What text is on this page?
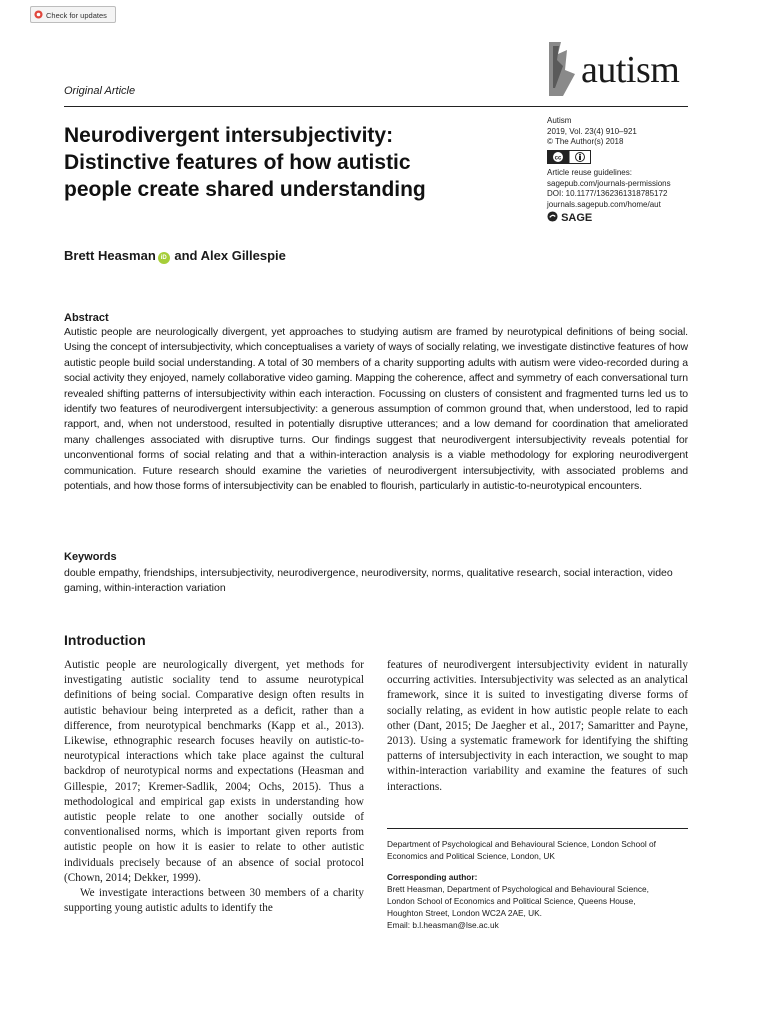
Check for updates
autism
Original Article
Neurodivergent intersubjectivity:
Distinctive features of how autistic
people create shared understanding
Autism
2019, Vol. 23(4) 910–921
© The Author(s) 2018
cc
Article reuse guidelines:
sagepub.com/journals-permissions
DOI: 10.1177/1362361318785172
journals.sagepub.com/home/aut
SAGE
Brett Heasman iD and Alex Gillespie
Abstract
Autistic people are neurologically divergent, yet approaches to studying autism are framed by neurotypical definitions of being social. Using the concept of intersubjectivity, which conceptualises a variety of ways of socially relating, we investigate distinctive features of how autistic people build social understanding. A total of 30 members of a charity supporting adults with autism were video-recorded during a social activity they enjoyed, namely collaborative video gaming. Mapping the coherence, affect and symmetry of each conversational turn revealed shifting patterns of intersubjectivity within each interaction. Focussing on clusters of consistent and fragmented turns led us to identify two features of neurodivergent intersubjectivity: a generous assumption of common ground that, when understood, led to rapid rapport, and, when not understood, resulted in potentially disruptive utterances; and a low demand for coordination that ameliorated many challenges associated with disruptive turns. Our findings suggest that neurodivergent intersubjectivity reveals potential for unconventional forms of social relating and that a within-interaction analysis is a viable methodology for exploring neurodivergent communication. Future research should examine the varieties of neurodivergent intersubjectivity, with associated problems and potentials, and how those forms of intersubjectivity can be enabled to flourish, particularly in autistic-to-neurotypical encounters.
Keywords
double empathy, friendships, intersubjectivity, neurodivergence, neurodiversity, norms, qualitative research, social interaction, video gaming, within-interaction variation
Introduction

Autistic people are neurologically divergent, yet methods for investigating autistic sociality tend to assume neurotypical definitions of being social. Comparative design often results in autistic behaviour being interpreted as a deficit, rather than a difference, from neurotypical benchmarks (Kapp et al., 2013). Likewise, ethnographic research focuses heavily on autistic-to-neurotypical interactions which take place against the cultural backdrop of neurotypical norms and expectations (Heasman and Gillespie, 2017; Kremer-Sadlik, 2004; Ochs, 2015). Thus a methodological and empirical gap exists in understanding how autistic people relate to one another socially outside of conventionalised norms, which is important given reports from autistic people on how it is easier to relate to other autistic individuals precisely because of an absence of social protocol (Chown, 2014; Dekker, 1999).

We investigate interactions between 30 members of a charity supporting young autistic adults to identify the

features of neurodivergent intersubjectivity evident in naturally occurring activities. Intersubjectivity was selected as an analytical framework, since it is suited to investigating diverse forms of socially relating, as evident in how autistic people relate to each other (Dant, 2015; De Jaegher et al., 2017; Samaritter and Payne, 2013). Using a systematic framework for identifying the shifting patterns of intersubjectivity in each interaction, we sought to map within-interaction variability and examine the features of such interactions.

Department of Psychological and Behavioural Science, London School of Economics and Political Science, London, UK
Corresponding author:
Brett Heasman, Department of Psychological and Behavioural Science,
London School of Economics and Political Science, Queens House,
Houghton Street, London WC2A 2AE, UK.
Email: b.l.heasman@lse.ac.uk
